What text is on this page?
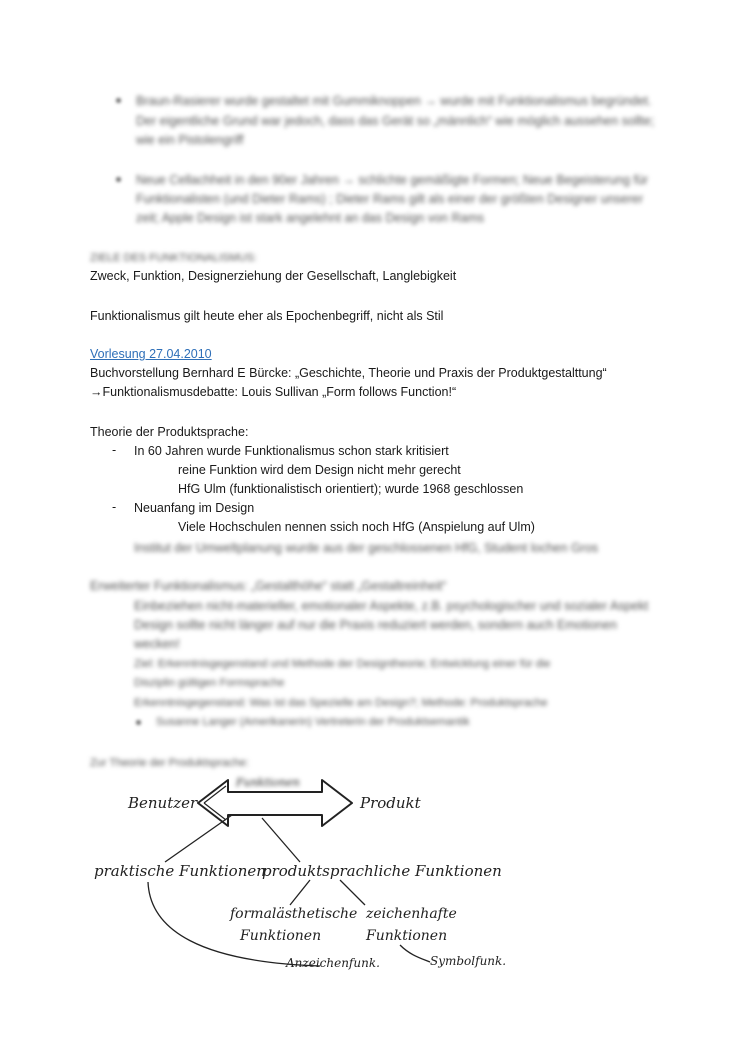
Braun-Rasierer wurde gestaltet mit Gummiknoppen → wurde mit Funktionalismus begründet.
Der eigentliche Grund war jedoch, dass das Gerät so „männlich“ wie möglich aussehen sollte;
wie ein Pistolengriff
Neue Cellachheit in den 90er Jahren → schlichte gemäßigte Formen; Neue Begeisterung für
Funktionalisten (und Dieter Rams) ; Dieter Rams gilt als einer der größten Designer unserer
zeit; Apple Design ist stark angelehnt an das Design von Rams
ZIELE DES FUNKTIONALISMUS:
Zweck, Funktion, Designerziehung der Gesellschaft, Langlebigkeit
Funktionalismus gilt heute eher als Epochenbegriff, nicht als Stil
Vorlesung 27.04.2010
Buchvorstellung Bernhard E Bürcke: „Geschichte, Theorie und Praxis der Produktgestalttung“
→Funktionalismusdebatte: Louis Sullivan „Form follows Function!“
Theorie der Produktsprache:
- In 60 Jahren wurde Funktionalismus schon stark kritisiert
reine Funktion wird dem Design nicht mehr gerecht
HfG Ulm (funktionalistisch orientiert); wurde 1968 geschlossen
- Neuanfang im Design
Viele Hochschulen nennen ssich noch HfG (Anspielung auf Ulm)
Institut der Umweltplanung wurde aus der geschlossenen HfG, Student lochen Gros
Erweiterter Funktionalismus: „Gestalthöhe“ statt „Gestaltreinheit“
Einbeziehen nicht-materieller, emotionaler Aspekte, z.B. psychologischer und sozialer Aspekt
Design sollte nicht länger auf nur die Praxis reduziert werden, sondern auch Emotionen
wecken!
Ziel: Erkenntnisgegenstand und Methode der Designtheorie; Entwicklung einer für die
Disziplin gültigen Formsprache
Erkenntnisgegenstand: Was ist das Spezielle am Design?; Methode: Produktsprache
Susanne Langer (Amerikanerin) Vertreterin der Produktsemantik
Zur Theorie der Produktsprache:
Funktionen
Benutzer	Produkt
praktische Funktionen
produktsprachliche Funktionen
formalästhetische
Funktionen
zeichenhafte
Funktionen
Anzeichenfunk.	Symbolfunk.
